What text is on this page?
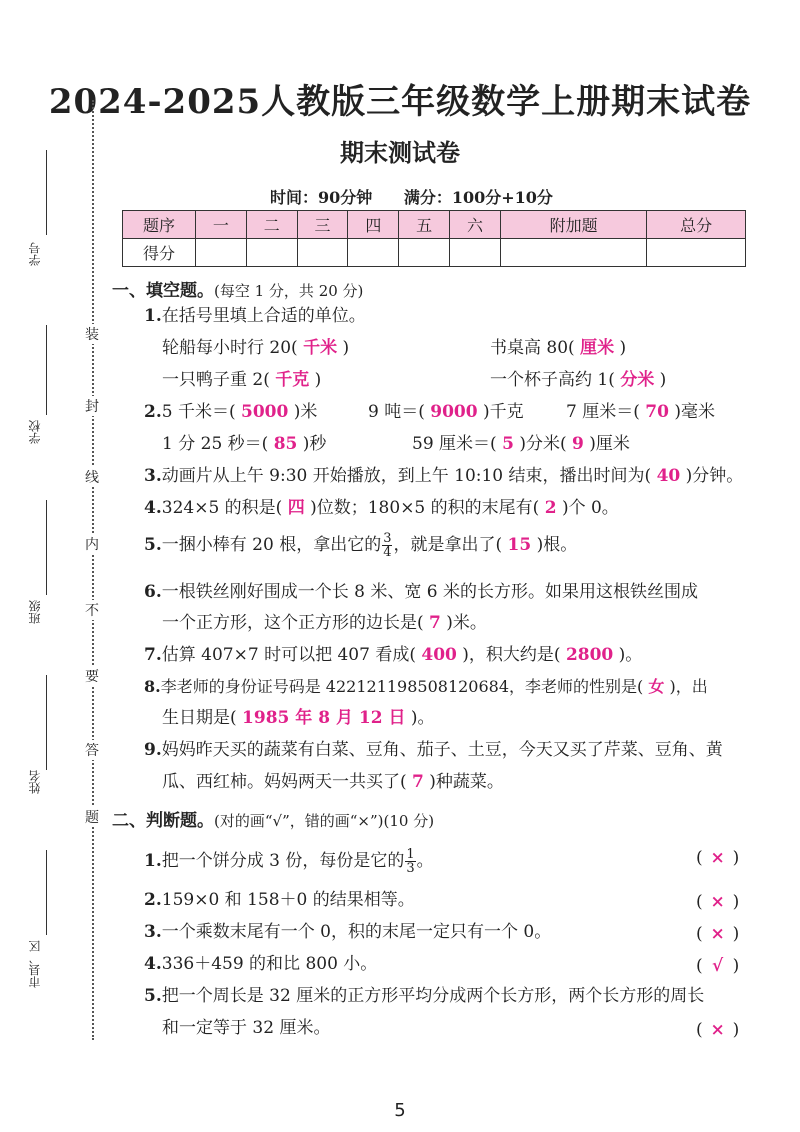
2024-2025人教版三年级数学上册期末试卷
期末测试卷
时间：90分钟 满分：100分+10分
题序	一	二	三	四	五	六	附加题	总分
得分								
装
封
线
内
不
要
答
题
学号
学校
班级
姓名
市县、区
一、填空题。(每空 1 分，共 20 分)
1.在括号里填上合适的单位。
轮船每小时行 20( 千米 )	书桌高 80( 厘米 )
一只鸭子重 2( 千克 )	一个杯子高约 1( 分米 )
2.5 千米＝( 5000 )米	9 吨＝( 9000 )千克 7 厘米＝( 70 )毫米
1 分 25 秒＝( 85 )秒	59 厘米＝( 5 )分米( 9 )厘米
3.动画片从上午 9:30 开始播放，到上午 10:10 结束，播出时间为( 40 )分钟。
4.324×5 的积是( 四 )位数；180×5 的积的末尾有( 2 )个 0。
5.一捆小棒有 20 根，拿出它的 $\frac{3}{4}$ ，就是拿出了( 15 )根。
6.一根铁丝刚好围成一个长 8 米、宽 6 米的长方形。如果用这根铁丝围成
一个正方形，这个正方形的边长是( 7 )米。
7.估算 407×7 时可以把 407 看成( 400 )，积大约是( 2800 )。
8.李老师的身份证号码是 422121198508120684，李老师的性别是( 女 )，出
生日期是( 1985 年 8 月 12 日 )。
9.妈妈昨天买的蔬菜有白菜、豆角、茄子、土豆，今天又买了芹菜、豆角、黄
瓜、西红柿。妈妈两天一共买了( 7 )种蔬菜。
二、判断题。(对的画“√”，错的画“×”)(10 分)
1.把一个饼分成 3 份，每份是它的 $\frac{1}{3}$ 。	( × )
2.159×0 和 158＋0 的结果相等。	( × )
3.一个乘数末尾有一个 0，积的末尾一定只有一个 0。	( × )
4.336＋459 的和比 800 小。	( √ )
5.把一个周长是 32 厘米的正方形平均分成两个长方形，两个长方形的周长
和一定等于 32 厘米。	( × )
5
